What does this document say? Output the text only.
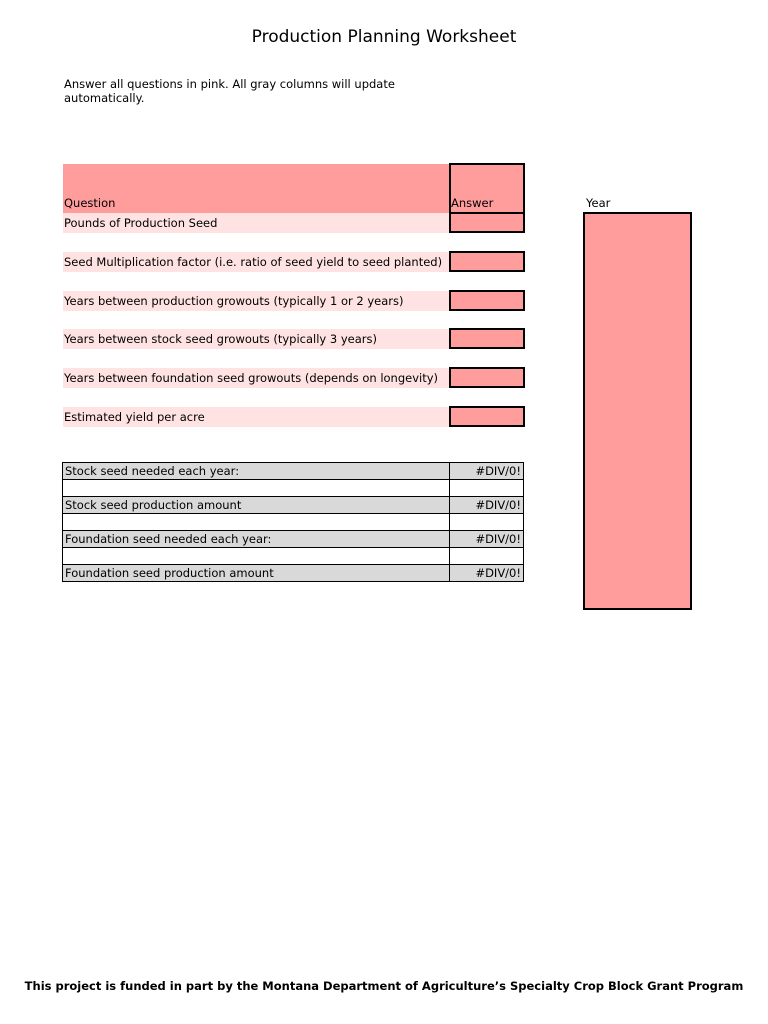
Production Planning Worksheet
Answer all questions in pink. All gray columns will update automatically.
Question	Answer	Year
Pounds of Production Seed
Seed Multiplication factor (i.e. ratio of seed yield to seed planted)
Years between production growouts (typically 1 or 2 years)
Years between stock seed growouts (typically 3 years)
Years between foundation seed growouts (depends on longevity)
Estimated yield per acre
Stock seed needed each year:	#DIV/0!

Stock seed production amount	#DIV/0!

Foundation seed needed each year:	#DIV/0!

Foundation seed production amount	#DIV/0!
This project is funded in part by the Montana Department of Agriculture’s Specialty Crop Block Grant Program
